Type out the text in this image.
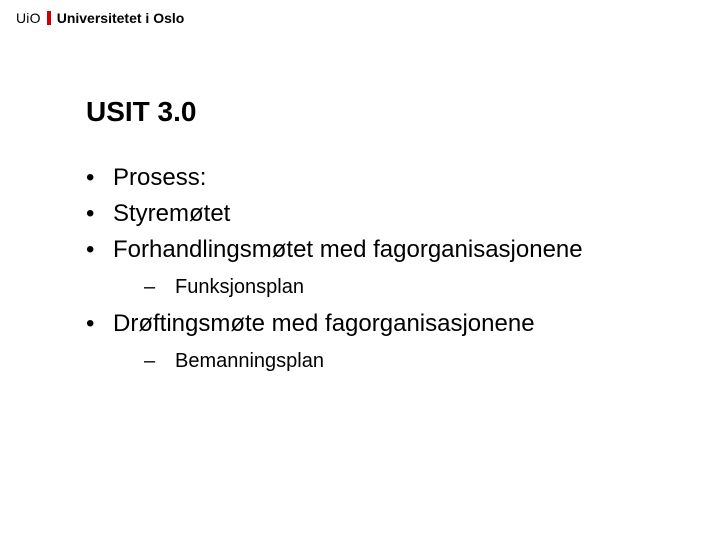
UiO Universitetet i Oslo
USIT 3.0
• Prosess:
• Styremøtet
• Forhandlingsmøtet med fagorganisasjonene
– Funksjonsplan
• Drøftingsmøte med fagorganisasjonene
– Bemanningsplan
